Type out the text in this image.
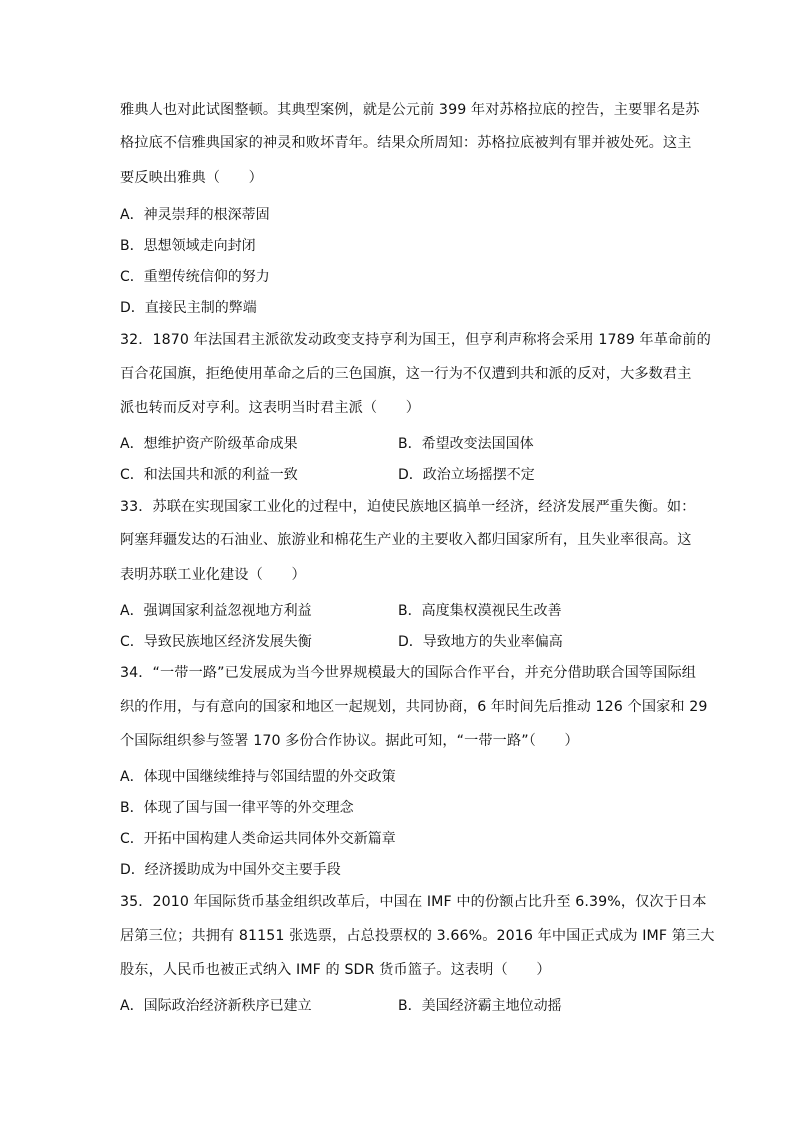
雅典人也对此试图整顿。其典型案例，就是公元前 399 年对苏格拉底的控告，主要罪名是苏
格拉底不信雅典国家的神灵和败坏青年。结果众所周知：苏格拉底被判有罪并被处死。这主
要反映出雅典（　　）
A．神灵崇拜的根深蒂固
B．思想领域走向封闭
C．重塑传统信仰的努力
D．直接民主制的弊端
32．1870 年法国君主派欲发动政变支持亨利为国王，但亨利声称将会采用 1789 年革命前的
百合花国旗，拒绝使用革命之后的三色国旗，这一行为不仅遭到共和派的反对，大多数君主
派也转而反对亨利。这表明当时君主派（　　）
A．想维护资产阶级革命成果	B．希望改变法国国体
C．和法国共和派的利益一致	D．政治立场摇摆不定
33．苏联在实现国家工业化的过程中，迫使民族地区搞单一经济，经济发展严重失衡。如：
阿塞拜疆发达的石油业、旅游业和棉花生产业的主要收入都归国家所有，且失业率很高。这
表明苏联工业化建设（　　）
A．强调国家利益忽视地方利益	B．高度集权漠视民生改善
C．导致民族地区经济发展失衡	D．导致地方的失业率偏高
34．“一带一路”已发展成为当今世界规模最大的国际合作平台，并充分借助联合国等国际组
织的作用，与有意向的国家和地区一起规划，共同协商，6 年时间先后推动 126 个国家和 29
个国际组织参与签署 170 多份合作协议。据此可知，“一带一路”（　　）
A．体现中国继续维持与邻国结盟的外交政策
B．体现了国与国一律平等的外交理念
C．开拓中国构建人类命运共同体外交新篇章
D．经济援助成为中国外交主要手段
35．2010 年国际货币基金组织改革后，中国在 IMF 中的份额占比升至 6.39%，仅次于日本
居第三位；共拥有 81151 张选票，占总投票权的 3.66%。2016 年中国正式成为 IMF 第三大
股东，人民币也被正式纳入 IMF 的 SDR 货币篮子。这表明（　　）
A．国际政治经济新秩序已建立	B．美国经济霸主地位动摇
